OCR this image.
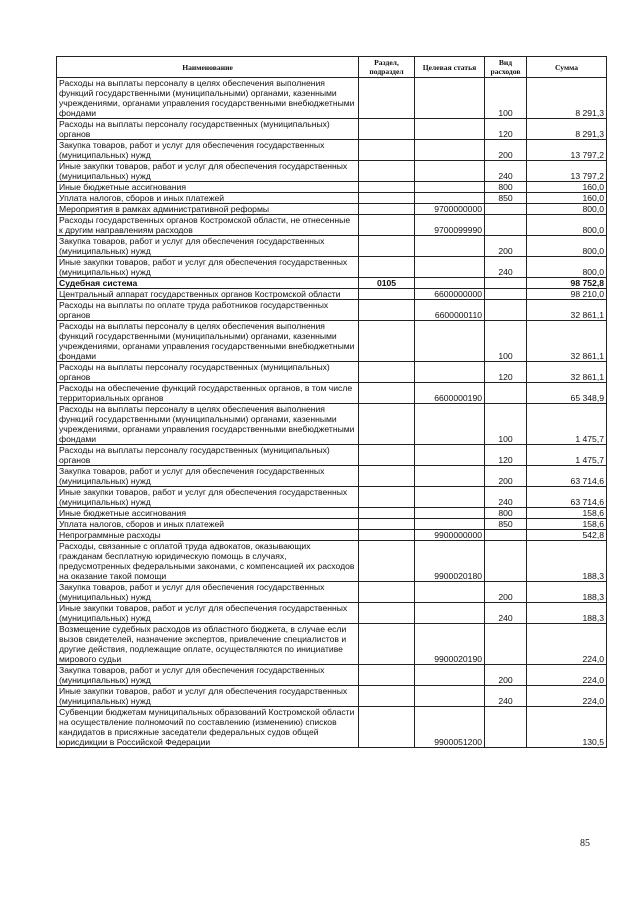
Наименование	Раздел, подраздел	Целевая статья	Вид расходов	Сумма
Расходы на выплаты персоналу в целях обеспечения выполнения функций государственными (муниципальными) органами, казенными учреждениями, органами управления государственными внебюджетными фондами			100	8 291,3
Расходы на выплаты персоналу государственных (муниципальных) органов			120	8 291,3
Закупка товаров, работ и услуг для обеспечения государственных (муниципальных) нужд			200	13 797,2
Иные закупки товаров, работ и услуг для обеспечения государственных (муниципальных) нужд			240	13 797,2
Иные бюджетные ассигнования			800	160,0
Уплата налогов, сборов и иных платежей			850	160,0
Мероприятия в рамках административной реформы		9700000000		800,0
Расходы государственных органов Костромской области, не отнесенные к другим направлениям расходов		9700099990		800,0
Закупка товаров, работ и услуг для обеспечения государственных (муниципальных) нужд			200	800,0
Иные закупки товаров, работ и услуг для обеспечения государственных (муниципальных) нужд			240	800,0
Судебная система	0105			98 752,8
Центральный аппарат государственных органов Костромской области		6600000000		98 210,0
Расходы на выплаты по оплате труда работников государственных органов		6600000110		32 861,1
Расходы на выплаты персоналу в целях обеспечения выполнения функций государственными (муниципальными) органами, казенными учреждениями, органами управления государственными внебюджетными фондами			100	32 861,1
Расходы на выплаты персоналу государственных (муниципальных) органов			120	32 861,1
Расходы на обеспечение функций государственных органов, в том числе территориальных органов		6600000190		65 348,9
Расходы на выплаты персоналу в целях обеспечения выполнения функций государственными (муниципальными) органами, казенными учреждениями, органами управления государственными внебюджетными фондами			100	1 475,7
Расходы на выплаты персоналу государственных (муниципальных) органов			120	1 475,7
Закупка товаров, работ и услуг для обеспечения государственных (муниципальных) нужд			200	63 714,6
Иные закупки товаров, работ и услуг для обеспечения государственных (муниципальных) нужд			240	63 714,6
Иные бюджетные ассигнования			800	158,6
Уплата налогов, сборов и иных платежей			850	158,6
Непрограммные расходы		9900000000		542,8
Расходы, связанные с оплатой труда адвокатов, оказывающих гражданам бесплатную юридическую помощь в случаях, предусмотренных федеральными законами, с компенсацией их расходов на оказание такой помощи		9900020180		188,3
Закупка товаров, работ и услуг для обеспечения государственных (муниципальных) нужд			200	188,3
Иные закупки товаров, работ и услуг для обеспечения государственных (муниципальных) нужд			240	188,3
Возмещение судебных расходов из областного бюджета, в случае если вызов свидетелей, назначение экспертов, привлечение специалистов и другие действия, подлежащие оплате, осуществляются по инициативе мирового судьи		9900020190		224,0
Закупка товаров, работ и услуг для обеспечения государственных (муниципальных) нужд			200	224,0
Иные закупки товаров, работ и услуг для обеспечения государственных (муниципальных) нужд			240	224,0
Субвенции бюджетам муниципальных образований Костромской области на осуществление полномочий по составлению (изменению) списков кандидатов в присяжные заседатели федеральных судов общей юрисдикции в Российской Федерации		9900051200		130,5
85
